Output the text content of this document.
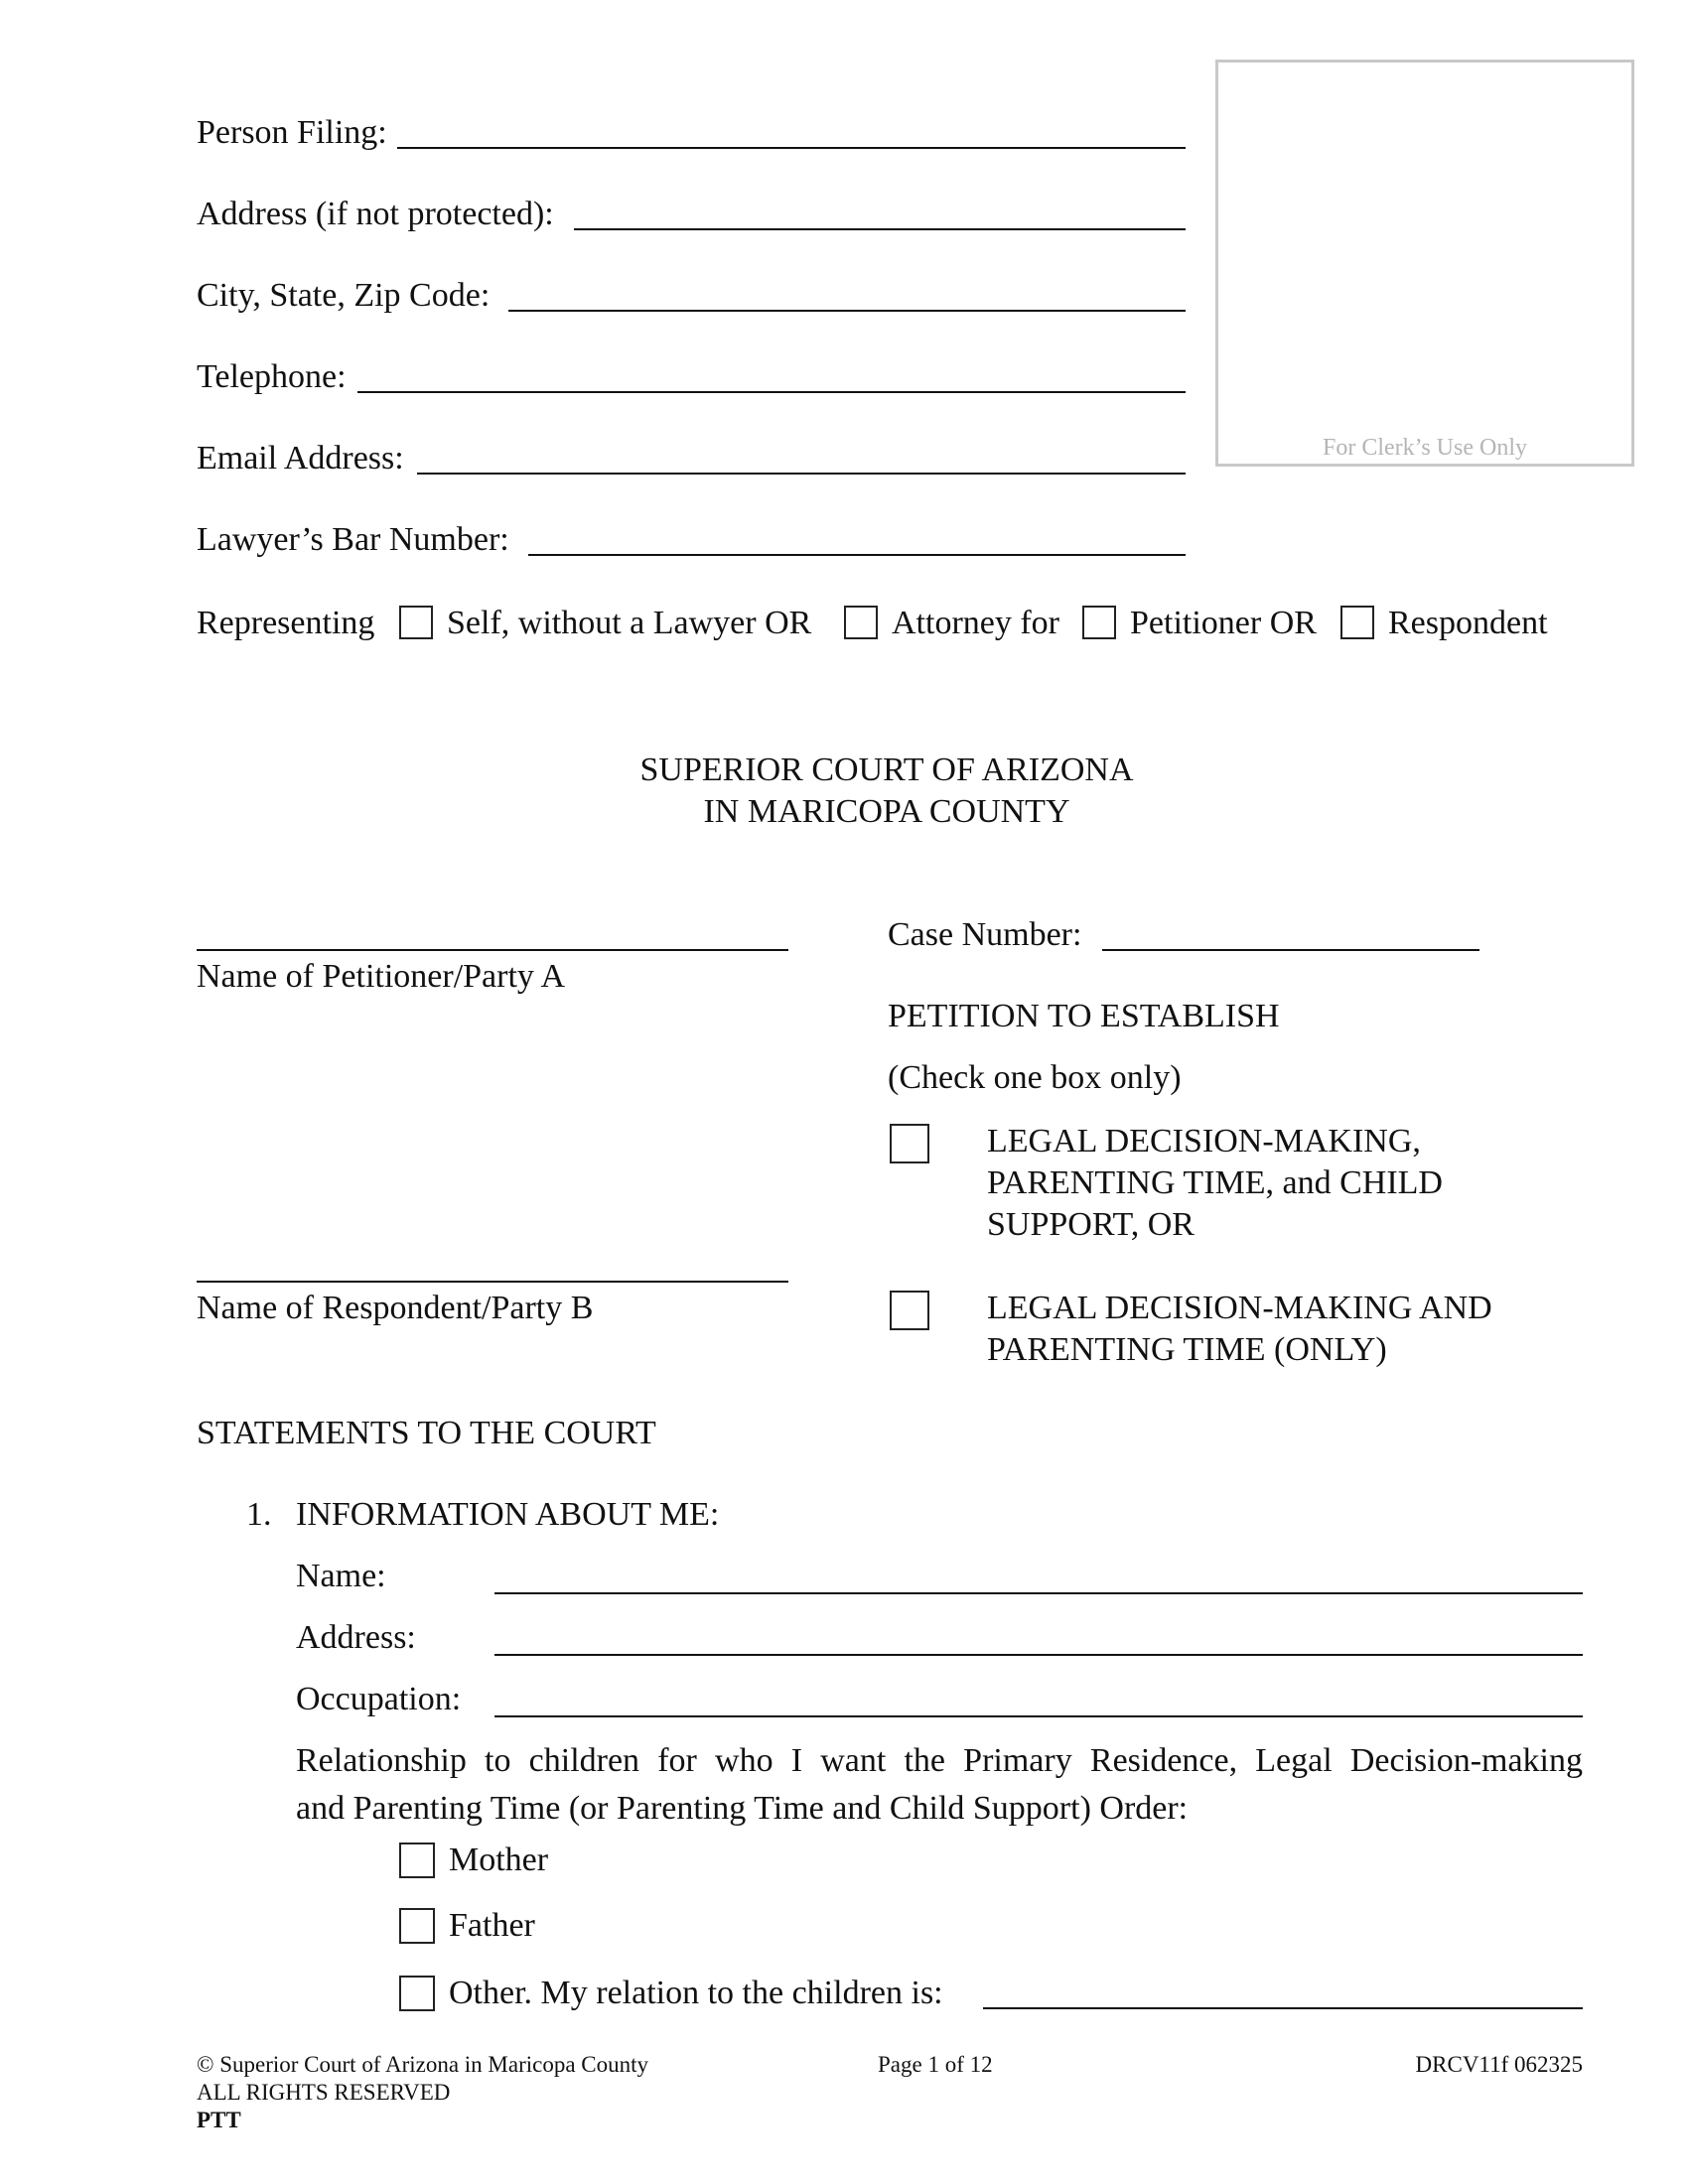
Person Filing:
Address (if not protected):
City, State, Zip Code:
Telephone:
Email Address:
Lawyer’s Bar Number:
For Clerk’s Use Only
Representing Self, without a Lawyer OR Attorney for Petitioner OR Respondent
SUPERIOR COURT OF ARIZONA
IN MARICOPA COUNTY
Name of Petitioner/Party A
Name of Respondent/Party B
Case Number:
PETITION TO ESTABLISH
(Check one box only)
LEGAL DECISION-MAKING,
PARENTING TIME, and CHILD
SUPPORT, OR
LEGAL DECISION-MAKING AND
PARENTING TIME (ONLY)
STATEMENTS TO THE COURT
1. INFORMATION ABOUT ME:
Name:
Address:
Occupation:
Relationship to children for who I want the Primary Residence, Legal Decision-making
and Parenting Time (or Parenting Time and Child Support) Order:
Mother
Father
Other. My relation to the children is:
© Superior Court of Arizona in Maricopa County
ALL RIGHTS RESERVED
PTT
Page 1 of 12	DRCV11f 062325
